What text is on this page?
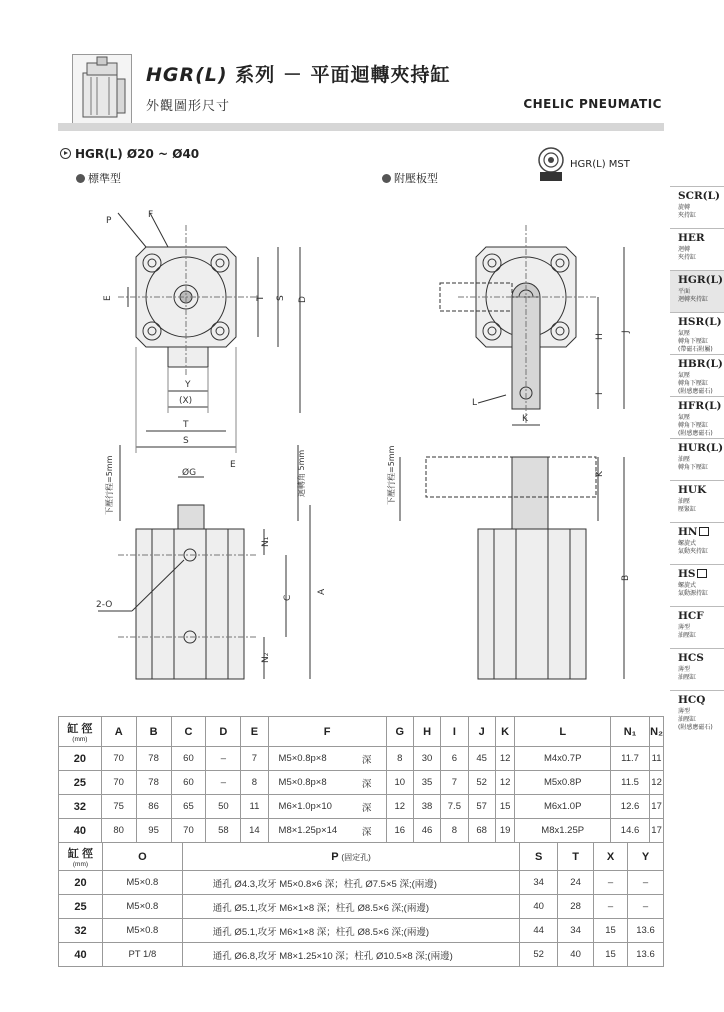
HGR(L) 系列 － 平面迴轉夾持缸
外觀圖形尺寸	CHELIC PNEUMATIC
HGR(L) Ø20 ~ Ø40
標準型	附壓板型
HGR(L) MST
P
F
E	T S D
Y
(X)
T
S
ØG
E
N₁
N₂
C
A
2-O
H
J
I
K
L
K
B
下壓行程=5mm	迴轉角 5mm	下壓行程=5mm
SCR(L)
旋轉
夾持缸
HER
迴轉
夾持缸
HGR(L)
平面
迴轉夾持缸
HSR(L)
氣壓
轉角下壓缸
(帶磁石附屬)
HBR(L)
氣壓
轉角下壓缸
(附感應磁石)
HFR(L)
氣壓
轉角下壓缸
(附感應磁石)
HUR(L)
油壓
轉角下壓缸
HUK
油壓
壓緊缸
HN
螺旋式
氣動夾持缸
HS
螺旋式
氣動源持缸
HCF
薄型
油壓缸
HCS
薄型
油壓缸
HCQ
薄型
油壓缸
(附感應磁石)
缸 徑
(mm)	A	B	C	D	E	F		G	H	I	J	K	L	N₁	N₂
20	70	78	60	–	7	M5×0.8p×8	深	8	30	6	45	12	M4x0.7P	11.7	11
25	70	78	60	–	8	M5×0.8p×8	深	10	35	7	52	12	M5x0.8P	11.5	12
32	75	86	65	50	11	M6×1.0p×10	深	12	38	7.5	57	15	M6x1.0P	12.6	17
40	80	95	70	58	14	M8×1.25p×14	深	16	46	8	68	19	M8x1.25P	14.6	17
缸 徑
(mm)	O	P (固定孔)	S	T	X	Y
20	M5×0.8	通孔 Ø4.3,攻牙 M5×0.8×6 深；柱孔 Ø7.5×5 深;(兩邊)	34	24	–	–
25	M5×0.8	通孔 Ø5.1,攻牙 M6×1×8 深；柱孔 Ø8.5×6 深;(兩邊)	40	28	–	–
32	M5×0.8	通孔 Ø5.1,攻牙 M6×1×8 深；柱孔 Ø8.5×6 深;(兩邊)	44	34	15	13.6
40	PT 1/8	通孔 Ø6.8,攻牙 M8×1.25×10 深；柱孔 Ø10.5×8 深;(兩邊)	52	40	15	13.6
